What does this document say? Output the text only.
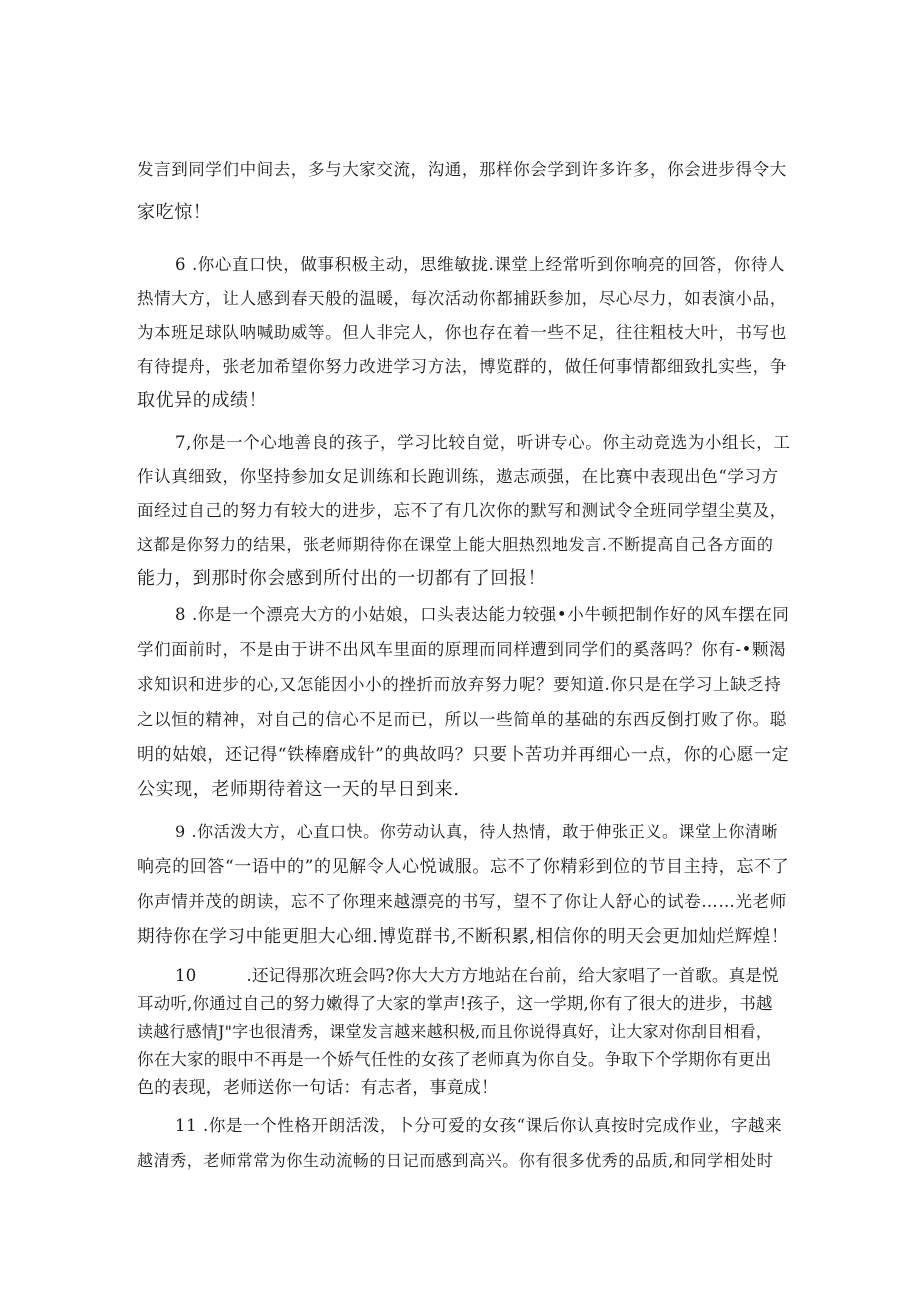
发言到同学们中间去，多与大家交流，沟通，那样你会学到许多许多，你会进步得令大
家吃惊！
6 .你心直口快，做事积极主动，思维敏拢.课堂上经常听到你响亮的回答，你待人
热情大方，让人感到春天般的温暖，每次活动你都捕跃参加，尽心尽力，如表演小品，
为本班足球队呐喊助威等。但人非完人，你也存在着一些不足，往往粗枝大叶，书写也
有待提舟，张老加希望你努力改进学习方法，博览群的，做任何事情都细致扎实些，争
取优异的成绩！
7,你是一个心地善良的孩子，学习比较自觉，听讲专心。你主动竞选为小组长，工
作认真细致，你坚持参加女足训练和长跑训练，遨志顽强，在比赛中表现出色“学习方
面经过自己的努力有较大的进步，忘不了有几次你的默写和测试令全班同学望尘莫及，
这都是你努力的结果，张老师期待你在课堂上能大胆热烈地发言.不断提高自己各方面的
能力，到那时你会感到所付出的一切都有了回报！
8 .你是一个漂亮大方的小姑娘，口头表达能力较强•小牛顿把制作好的风车摆在同
学们面前时，不是由于讲不出风车里面的原理而同样遭到同学们的奚落吗？你有-•颗渴
求知识和进步的心,又怎能因小小的挫折而放弃努力呢？要知道.你只是在学习上缺乏持
之以恒的精神，对自己的信心不足而已，所以一些简单的基础的东西反倒打败了你。聪
明的姑娘，还记得“铁棒磨成针”的典故吗？只要卜苦功并再细心一点，你的心愿一定
公实现，老师期待着这一天的早日到来.
9 .你活泼大方，心直口快。你劳动认真，待人热情，敢于伸张正义。课堂上你清晰
响亮的回答“一语中的”的见解令人心悦诚服。忘不了你精彩到位的节目主持，忘不了
你声情并茂的朗读，忘不了你理来越漂亮的书写，望不了你让人舒心的试卷……光老师
期待你在学习中能更胆大心细.博览群书,不断积累,相信你的明天会更加灿烂辉煌！
10　　　.还记得那次班会吗?你大大方方地站在台前，给大家唱了一首歌。真是悦
耳动听,你通过自己的努力嫩得了大家的掌声!孩子，这一学期,你有了很大的进步，书越
读越行感情J"字也很清秀，课堂发言越来越积极,而且你说得真好，让大家对你刮目相看，
你在大家的眼中不再是一个娇气任性的女孩了老师真为你自殳。争取下个学期你有更出
色的表现，老师送你一句话：有志者，事竟成！
11 .你是一个性格开朗活泼，卜分可爱的女孩“课后你认真按时完成作业，字越来
越清秀，老师常常为你生动流畅的日记而感到高兴。你有很多优秀的品质,和同学相处时
